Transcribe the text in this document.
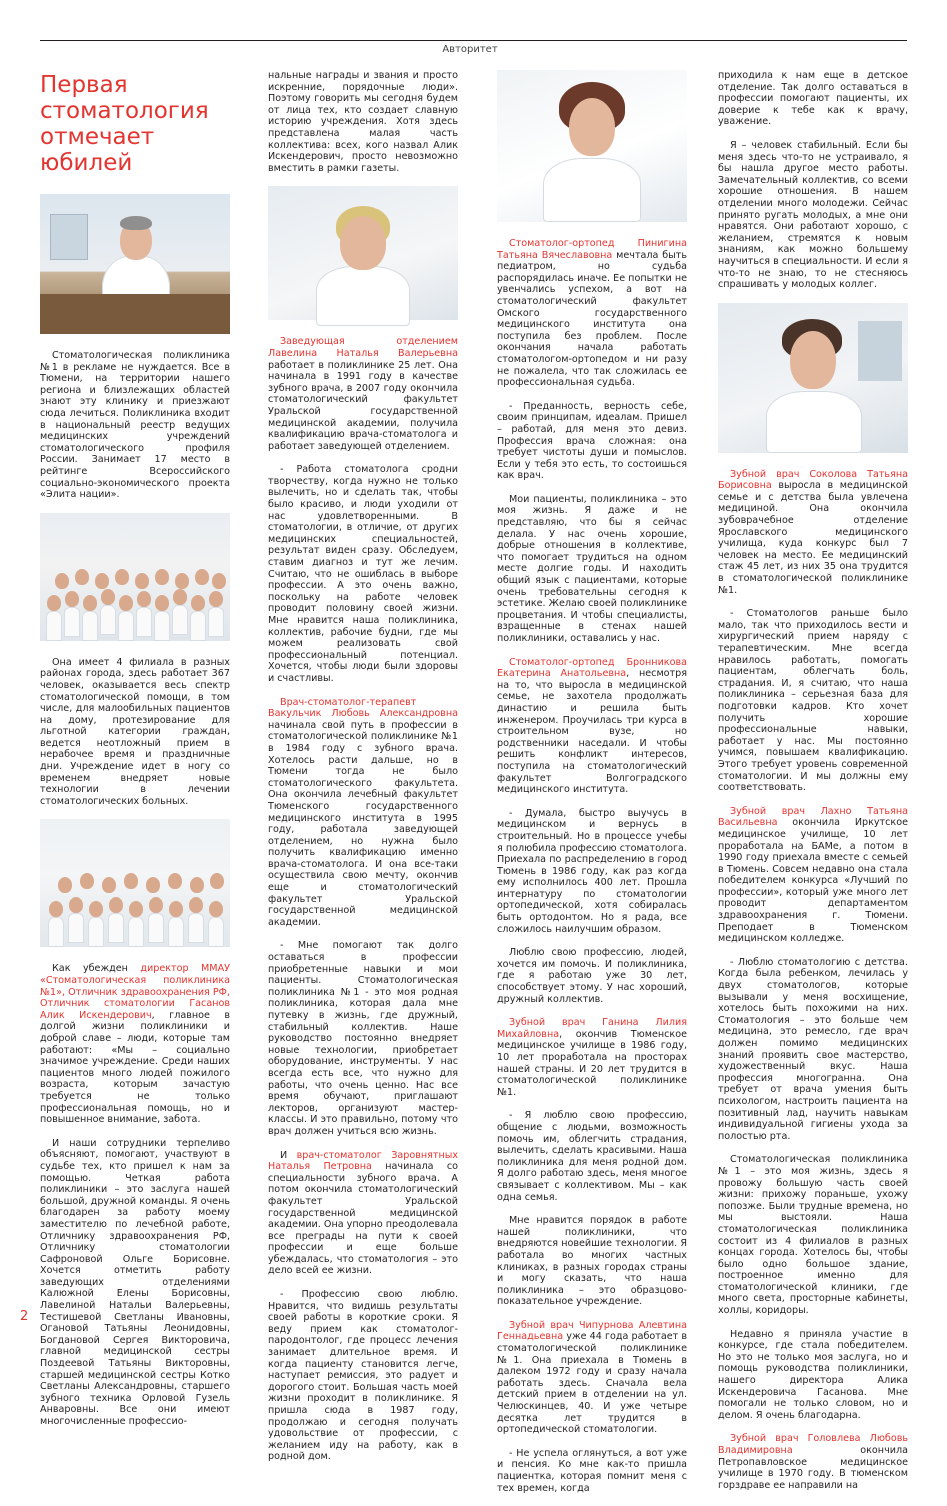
Авторитет
Первая стоматология отмечает юбилей

Стоматологическая поликлиника №1 в рекламе не нуждается. Все в Тюмени, на территории нашего региона и близлежащих областей знают эту клинику и приезжают сюда лечиться. Поликлиника входит в национальный реестр ведущих медицинских учреждений стоматологического профиля России. Занимает 17 место в рейтинге Всероссийского социально-экономического проекта «Элита нации».

Она имеет 4 филиала в разных районах города, здесь работает 367 человек, оказывается весь спектр стоматологической помощи, в том числе, для малообильных пациентов на дому, протезирование для льготной категории граждан, ведется неотложный прием в нерабочее время и праздничные дни. Учреждение идет в ногу со временем внедряет новые технологии в лечении стоматологических больных.

Как убежден директор ММАУ «Стоматологическая поликлиника №1», Отличник здравоохранения РФ, Отличник стоматологии Гасанов Алик Искендерович, главное в долгой жизни поликлиники и доброй славе – люди, которые там работают: «Мы – социально значимое учреждение. Среди наших пациентов много людей пожилого возраста, которым зачастую требуется не только профессиональная помощь, но и повышенное внимание, забота.

И наши сотрудники терпеливо объясняют, помогают, участвуют в судьбе тех, кто пришел к нам за помощью. Четкая работа поликлиники – это заслуга нашей большой, дружной команды. Я очень благодарен за работу моему заместителю по лечебной работе, Отличнику здравоохранения РФ, Отличнику стоматологии Сафроновой Ольге Борисовне. Хочется отметить работу заведующих отделениями Калюжной Елены Борисовны, Лавелиной Натальи Валерьевны, Тестишевой Светланы Ивановны, Огановой Татьяны Леонидовны, Богдановой Сергея Викторовича, главной медицинской сестры Поздеевой Татьяны Викторовны, старшей медицинской сестры Котко Светланы Александровны, старшего зубного техника Орловой Гузель Анваровны. Все они имеют многочисленные профессио-

нальные награды и звания и просто искренние, порядочные люди». Поэтому говорить мы сегодня будем от лица тех, кто создает славную историю учреждения. Хотя здесь представлена малая часть коллектива: всех, кого назвал Алик Искендерович, просто невозможно вместить в рамки газеты.

Заведующая отделением Лавелина Наталья Валерьевна работает в поликлинике 25 лет. Она начинала в 1991 году в качестве зубного врача, в 2007 году окончила стоматологический факультет Уральской государственной медицинской академии, получила квалификацию врача-стоматолога и работает заведующей отделением.

- Работа стоматолога сродни творчеству, когда нужно не только вылечить, но и сделать так, чтобы было красиво, и люди уходили от нас удовлетворенными. В стоматологии, в отличие, от других медицинских специальностей, результат виден сразу. Обследуем, ставим диагноз и тут же лечим. Считаю, что не ошиблась в выборе профессии. А это очень важно, поскольку на работе человек проводит половину своей жизни. Мне нравится наша поликлиника, коллектив, рабочие будни, где мы можем реализовать свой профессиональный потенциал. Хочется, чтобы люди были здоровы и счастливы.

Врач-стоматолог-терапевт Вакульчик Любовь Александровна начинала свой путь в профессии в стоматологической поликлинике №1 в 1984 году с зубного врача. Хотелось расти дальше, но в Тюмени тогда не было стоматологического факультета. Она окончила лечебный факультет Тюменского государственного медицинского института в 1995 году, работала заведующей отделением, но нужна было получить квалификацию именно врача-стоматолога. И она все-таки осуществила свою мечту, окончив еще и стоматологический факультет Уральской государственной медицинской академии.

- Мне помогают так долго оставаться в профессии приобретенные навыки и мои пациенты. Стоматологическая поликлиника №1 - это моя родная поликлиника, которая дала мне путевку в жизнь, где дружный, стабильный коллектив. Наше руководство постоянно внедряет новые технологии, приобретает оборудование, инструменты. У нас всегда есть все, что нужно для работы, что очень ценно. Нас все время обучают, приглашают лекторов, организуют мастер-классы. И это правильно, потому что врач должен учиться всю жизнь.

И врач-стоматолог Заровнятных Наталья Петровна начинала со специальности зубного врача. А потом окончила стоматологический факультет Уральской государственной медицинской академии. Она упорно преодолевала все преграды на пути к своей профессии и еще больше убеждалась, что стоматология – это дело всей ее жизни.

- Профессию свою люблю. Нравится, что видишь результаты своей работы в короткие сроки. Я веду прием как стоматолог-пародонтолог, где процесс лечения занимает длительное время. И когда пациенту становится легче, наступает ремиссия, это радует и дорогого стоит. Большая часть моей жизни проходит в поликлинике. Я пришла сюда в 1987 году, продолжаю и сегодня получать удовольствие от профессии, с желанием иду на работу, как в родной дом.

Стоматолог-ортопед Пинигина Татьяна Вячеславовна мечтала быть педиатром, но судьба распорядилась иначе. Ее попытки не увенчались успехом, а вот на стоматологический факультет Омского государственного медицинского института она поступила без проблем. После окончания начала работать стоматологом-ортопедом и ни разу не пожалела, что так сложилась ее профессиональная судьба.

- Преданность, верность себе, своим принципам, идеалам. Пришел – работай, для меня это девиз. Профессия врача сложная: она требует чистоты души и помыслов. Если у тебя это есть, то состоишься как врач.

Мои пациенты, поликлиника – это моя жизнь. Я даже и не представляю, что бы я сейчас делала. У нас очень хорошие, добрые отношения в коллективе, что помогает трудиться на одном месте долгие годы. И находить общий язык с пациентами, которые очень требовательны сегодня к эстетике. Желаю своей поликлинике процветания. И чтобы специалисты, взращенные в стенах нашей поликлиники, оставались у нас.

Стоматолог-ортопед Бронникова Екатерина Анатольевна, несмотря на то, что выросла в медицинской семье, не захотела продолжать династию и решила быть инженером. Проучилась три курса в строительном вузе, но родственники наседали. И чтобы решить конфликт интересов, поступила на стоматологический факультет Волгоградского медицинского института.

- Думала, быстро выучусь в медицинском и вернусь в строительный. Но в процессе учебы я полюбила профессию стоматолога. Приехала по распределению в город Тюмень в 1986 году, как раз когда ему исполнилось 400 лет. Прошла интернатуру по стоматологии ортопедической, хотя собиралась быть ортодонтом. Но я рада, все сложилось наилучшим образом.

Люблю свою профессию, людей, хочется им помочь. И поликлиника, где я работаю уже 30 лет, способствует этому. У нас хороший, дружный коллектив.

Зубной врач Ганина Лилия Михайловна, окончив Тюменское медицинское училище в 1986 году, 10 лет проработала на просторах нашей страны. И 20 лет трудится в стоматологической поликлинике №1.

- Я люблю свою профессию, общение с людьми, возможность помочь им, облегчить страдания, вылечить, сделать красивыми. Наша поликлиника для меня родной дом. Я долго работаю здесь, меня многое связывает с коллективом. Мы – как одна семья.

Мне нравится порядок в работе нашей поликлиники, что внедряются новейшие технологии. Я работала во многих частных клиниках, в разных городах страны и могу сказать, что наша поликлиника – это образцово-показательное учреждение.

Зубной врач Чипурнова Алевтина Геннадьевна уже 44 года работает в стоматологической поликлинике №1. Она приехала в Тюмень в далеком 1972 году и сразу начала работать здесь. Сначала вела детский прием в отделении на ул. Челюскинцев, 40. И уже четыре десятка лет трудится в ортопедической стоматологии.

- Не успела оглянуться, а вот уже и пенсия. Ко мне как-то пришла пациентка, которая помнит меня с тех времен, когда

приходила к нам еще в детское отделение. Так долго оставаться в профессии помогают пациенты, их доверие к тебе как к врачу, уважение.

Я – человек стабильный. Если бы меня здесь что-то не устраивало, я бы нашла другое место работы. Замечательный коллектив, со всеми хорошие отношения. В нашем отделении много молодежи. Сейчас принято ругать молодых, а мне они нравятся. Они работают хорошо, с желанием, стремятся к новым знаниям, как можно большему научиться в специальности. И если я что-то не знаю, то не стесняюсь спрашивать у молодых коллег.

Зубной врач Соколова Татьяна Борисовна выросла в медицинской семье и с детства была увлечена медициной. Она окончила зубоврачебное отделение Ярославского медицинского училища, куда конкурс был 7 человек на место. Ее медицинский стаж 45 лет, из них 35 она трудится в стоматологической поликлинике №1.

- Стоматологов раньше было мало, так что приходилось вести и хирургический прием наряду с терапевтическим. Мне всегда нравилось работать, помогать пациентам, облегчать боль, страдания. И, я считаю, что наша поликлиника – серьезная база для подготовки кадров. Кто хочет получить хорошие профессиональные навыки, работает у нас. Мы постоянно учимся, повышаем квалификацию. Этого требует уровень современной стоматологии. И мы должны ему соответствовать.

Зубной врач Лахно Татьяна Васильевна окончила Иркутское медицинское училище, 10 лет проработала на БАМе, а потом в 1990 году приехала вместе с семьей в Тюмень. Совсем недавно она стала победителем конкурса «Лучший по профессии», который уже много лет проводит департаментом здравоохранения г. Тюмени. Преподает в Тюменском медицинском колледже.

- Люблю стоматологию с детства. Когда была ребенком, лечилась у двух стоматологов, которые вызывали у меня восхищение, хотелось быть похожими на них. Стоматология – это больше чем медицина, это ремесло, где врач должен помимо медицинских знаний проявить свое мастерство, художественный вкус. Наша профессия многогранна. Она требует от врача умения быть психологом, настроить пациента на позитивный лад, научить навыкам индивидуальной гигиены ухода за полостью рта.

Стоматологическая поликлиника №1 – это моя жизнь, здесь я провожу большую часть своей жизни: прихожу пораньше, ухожу попозже. Были трудные времена, но мы выстояли. Наша стоматологическая поликлиника состоит из 4 филиалов в разных концах города. Хотелось бы, чтобы было одно большое здание, построенное именно для стоматологической клиники, где много света, просторные кабинеты, холлы, коридоры.

Недавно я приняла участие в конкурсе, где стала победителем. Но это не только моя заслуга, но и помощь руководства поликлиники, нашего директора Алика Искендеровича Гасанова. Мне помогали не только словом, но и делом. Я очень благодарна.

Зубной врач Головлева Любовь Владимировна окончила Петропавловское медицинское училище в 1970 году. В тюменском горздраве ее направили на

2
